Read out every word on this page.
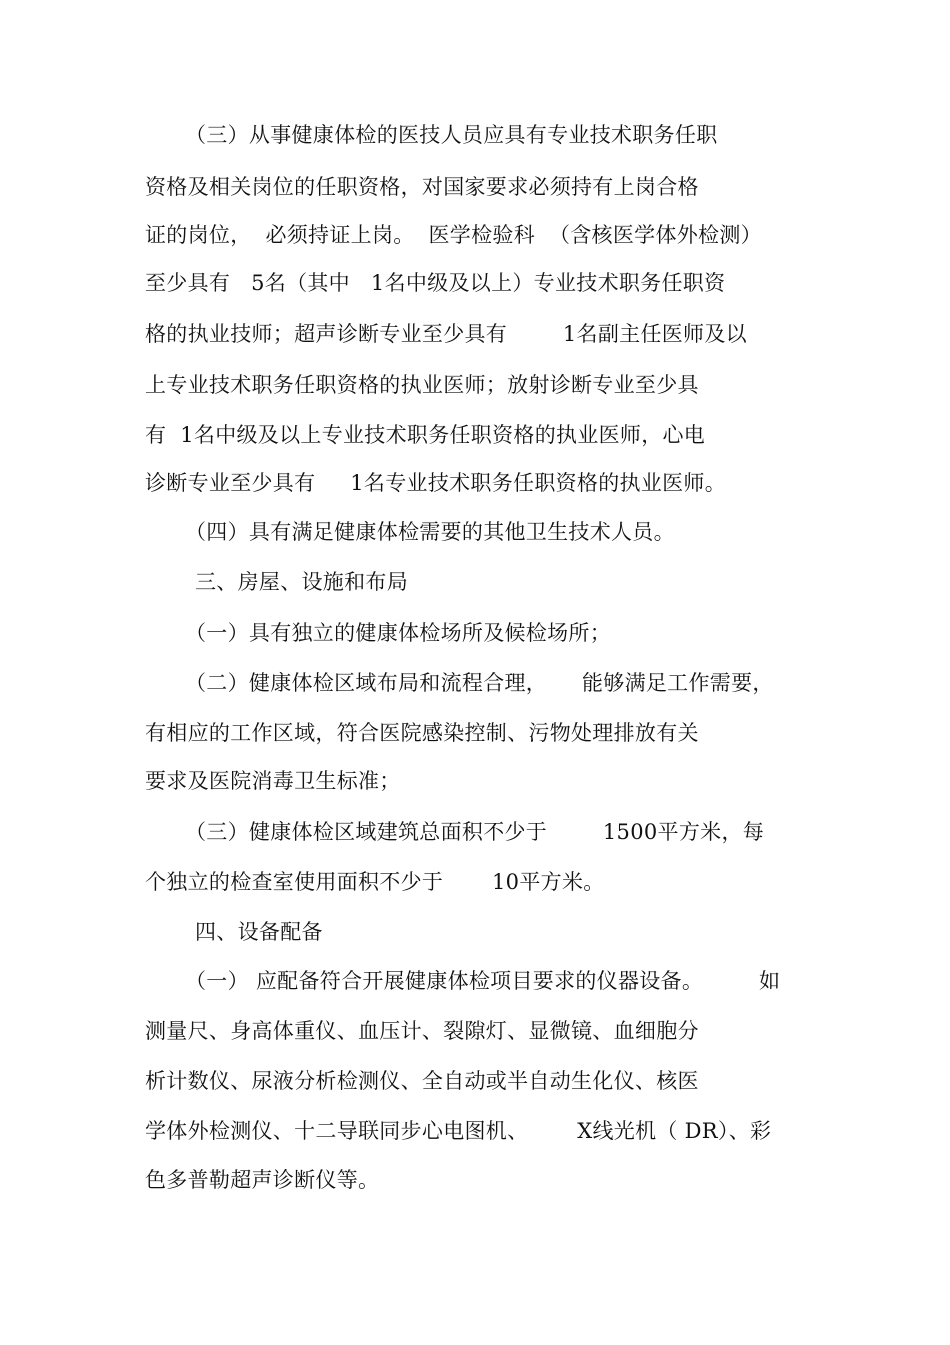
（三）从事健康体检的医技人员应具有专业技术职务任职
资格及相关岗位的任职资格，对国家要求必须持有上岗合格
证的岗位，  必须持证上岗。  医学检验科  （含核医学体外检测）
至少具有   5名（其中   1名中级及以上）专业技术职务任职资
格的执业技师；超声诊断专业至少具有        1名副主任医师及以
上专业技术职务任职资格的执业医师；放射诊断专业至少具
有  1名中级及以上专业技术职务任职资格的执业医师，心电
诊断专业至少具有     1名专业技术职务任职资格的执业医师。
（四）具有满足健康体检需要的其他卫生技术人员。
三、房屋、设施和布局
（一）具有独立的健康体检场所及候检场所；
（二）健康体检区域布局和流程合理，     能够满足工作需要，
有相应的工作区域，符合医院感染控制、污物处理排放有关
要求及医院消毒卫生标准；
（三）健康体检区域建筑总面积不少于        1500平方米，每
个独立的检查室使用面积不少于       10平方米。
四、设备配备
（一） 应配备符合开展健康体检项目要求的仪器设备。        如
测量尺、身高体重仪、血压计、裂隙灯、显微镜、血细胞分
析计数仪、尿液分析检测仪、全自动或半自动生化仪、核医
学体外检测仪、十二导联同步心电图机、       X线光机（ DR）、彩
色多普勒超声诊断仪等。
